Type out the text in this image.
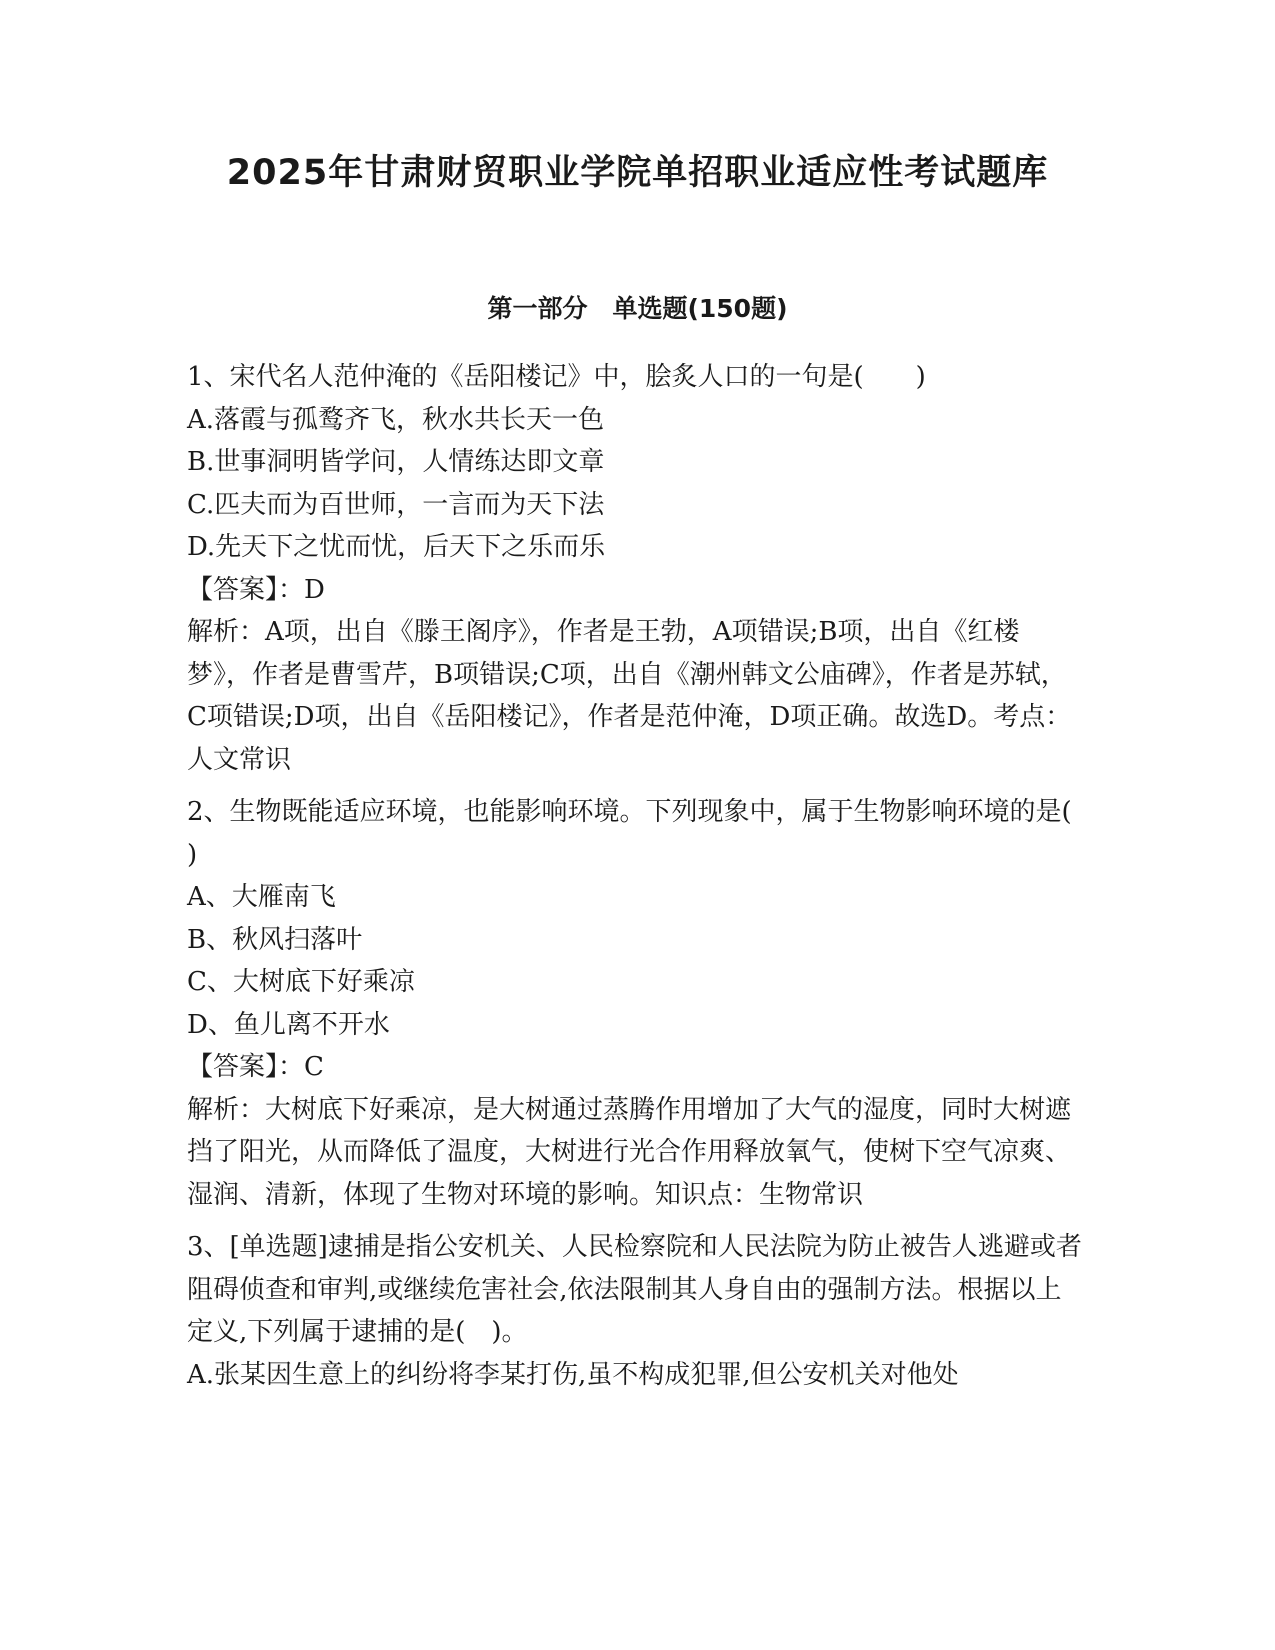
2025年甘肃财贸职业学院单招职业适应性考试题库
第一部分　单选题(150题)

1、宋代名人范仲淹的《岳阳楼记》中，脍炙人口的一句是(　　)

A.落霞与孤鹜齐飞，秋水共长天一色

B.世事洞明皆学问，人情练达即文章

C.匹夫而为百世师，一言而为天下法

D.先天下之忧而忧，后天下之乐而乐

【答案】：D

解析：A项，出自《滕王阁序》，作者是王勃，A项错误;B项，出自《红楼梦》，作者是曹雪芹，B项错误;C项，出自《潮州韩文公庙碑》，作者是苏轼，C项错误;D项，出自《岳阳楼记》，作者是范仲淹，D项正确。故选D。考点：人文常识

2、生物既能适应环境，也能影响环境。下列现象中，属于生物影响环境的是(　　)

A、大雁南飞

B、秋风扫落叶

C、大树底下好乘凉

D、鱼儿离不开水

【答案】：C

解析：大树底下好乘凉，是大树通过蒸腾作用增加了大气的湿度，同时大树遮挡了阳光，从而降低了温度，大树进行光合作用释放氧气，使树下空气凉爽、湿润、清新，体现了生物对环境的影响。知识点：生物常识

3、[单选题]逮捕是指公安机关、人民检察院和人民法院为防止被告人逃避或者阻碍侦查和审判,或继续危害社会,依法限制其人身自由的强制方法。根据以上定义,下列属于逮捕的是(　)。

A.张某因生意上的纠纷将李某打伤,虽不构成犯罪,但公安机关对他处
